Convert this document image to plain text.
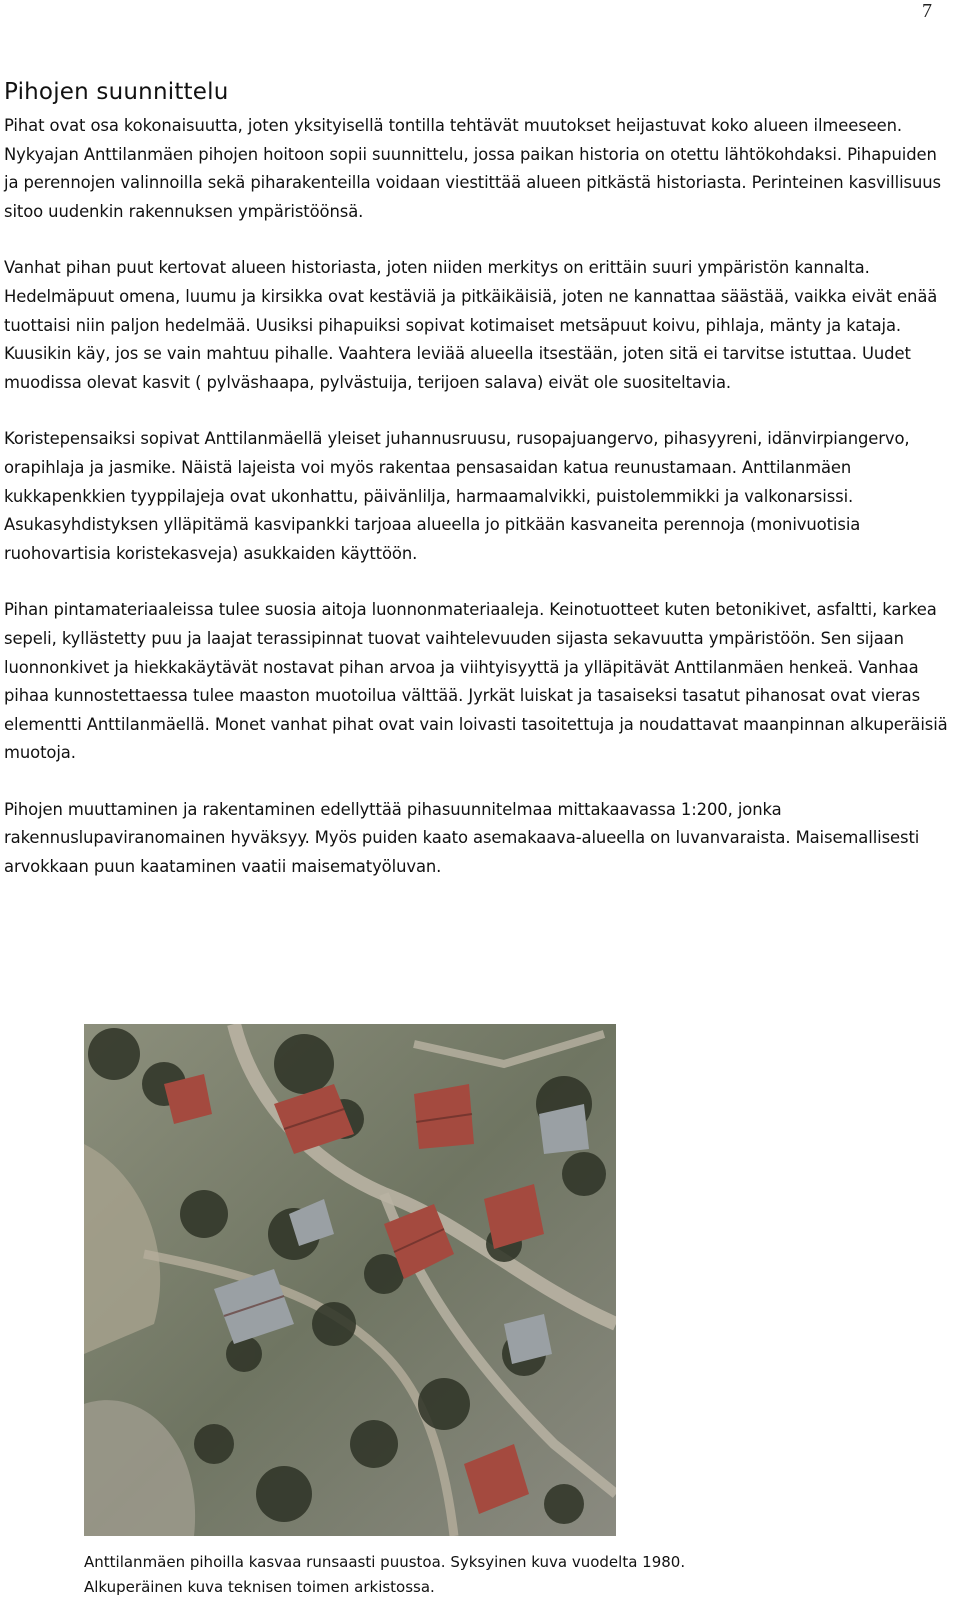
7
Pihojen suunnittelu

Pihat ovat osa kokonaisuutta, joten yksityisellä tontilla tehtävät muutokset heijastuvat koko alueen ilmeeseen. Nykyajan Anttilanmäen pihojen hoitoon sopii suunnittelu, jossa paikan historia on otettu lähtökohdaksi. Pihapuiden ja perennojen valinnoilla sekä piharakenteilla voidaan viestittää alueen pitkästä historiasta. Perinteinen kasvillisuus sitoo uudenkin rakennuksen ympäristöönsä.

Vanhat pihan puut kertovat alueen historiasta, joten niiden merkitys on erittäin suuri ympäristön kannalta. Hedelmäpuut omena, luumu ja kirsikka ovat kestäviä ja pitkäikäisiä, joten ne kannattaa säästää, vaikka eivät enää tuottaisi niin paljon hedelmää. Uusiksi pihapuiksi sopivat kotimaiset metsäpuut koivu, pihlaja, mänty ja kataja. Kuusikin käy, jos se vain mahtuu pihalle. Vaahtera leviää alueella itsestään, joten sitä ei tarvitse istuttaa. Uudet muodissa olevat kasvit ( pylväshaapa, pylvästuija, terijoen salava) eivät ole suositeltavia.

Koristepensaiksi sopivat Anttilanmäellä yleiset juhannusruusu, rusopajuangervo, pihasyyreni, idänvirpiangervo, orapihlaja ja jasmike. Näistä lajeista voi myös rakentaa pensasaidan katua reunustamaan. Anttilanmäen kukkapenkkien tyyppilajeja ovat ukonhattu, päivänlilja, harmaamalvikki, puistolemmikki ja valkonarsissi. Asukasyhdistyksen ylläpitämä kasvipankki tarjoaa alueella jo pitkään kasvaneita perennoja (monivuotisia ruohovartisia koristekasveja) asukkaiden käyttöön.

Pihan pintamateriaaleissa tulee suosia aitoja luonnonmateriaaleja. Keinotuotteet kuten betonikivet, asfaltti, karkea sepeli, kyllästetty puu ja laajat terassipinnat tuovat vaihtelevuuden sijasta sekavuutta ympäristöön. Sen sijaan luonnonkivet ja hiekkakäytävät nostavat pihan arvoa ja viihtyisyyttä ja ylläpitävät Anttilanmäen henkeä. Vanhaa pihaa kunnostettaessa tulee maaston muotoilua välttää. Jyrkät luiskat ja tasaiseksi tasatut pihanosat ovat vieras elementti Anttilanmäellä. Monet vanhat pihat ovat vain loivasti tasoitettuja ja noudattavat maanpinnan alkuperäisiä muotoja.

Pihojen muuttaminen ja rakentaminen edellyttää pihasuunnitelmaa mittakaavassa 1:200, jonka rakennuslupaviranomainen hyväksyy. Myös puiden kaato asemakaava-alueella on luvanvaraista. Maisemallisesti arvokkaan puun kaataminen vaatii maisematyöluvan.

Anttilanmäen pihoilla kasvaa runsaasti puustoa. Syksyinen kuva vuodelta 1980.
Alkuperäinen kuva teknisen toimen arkistossa.
